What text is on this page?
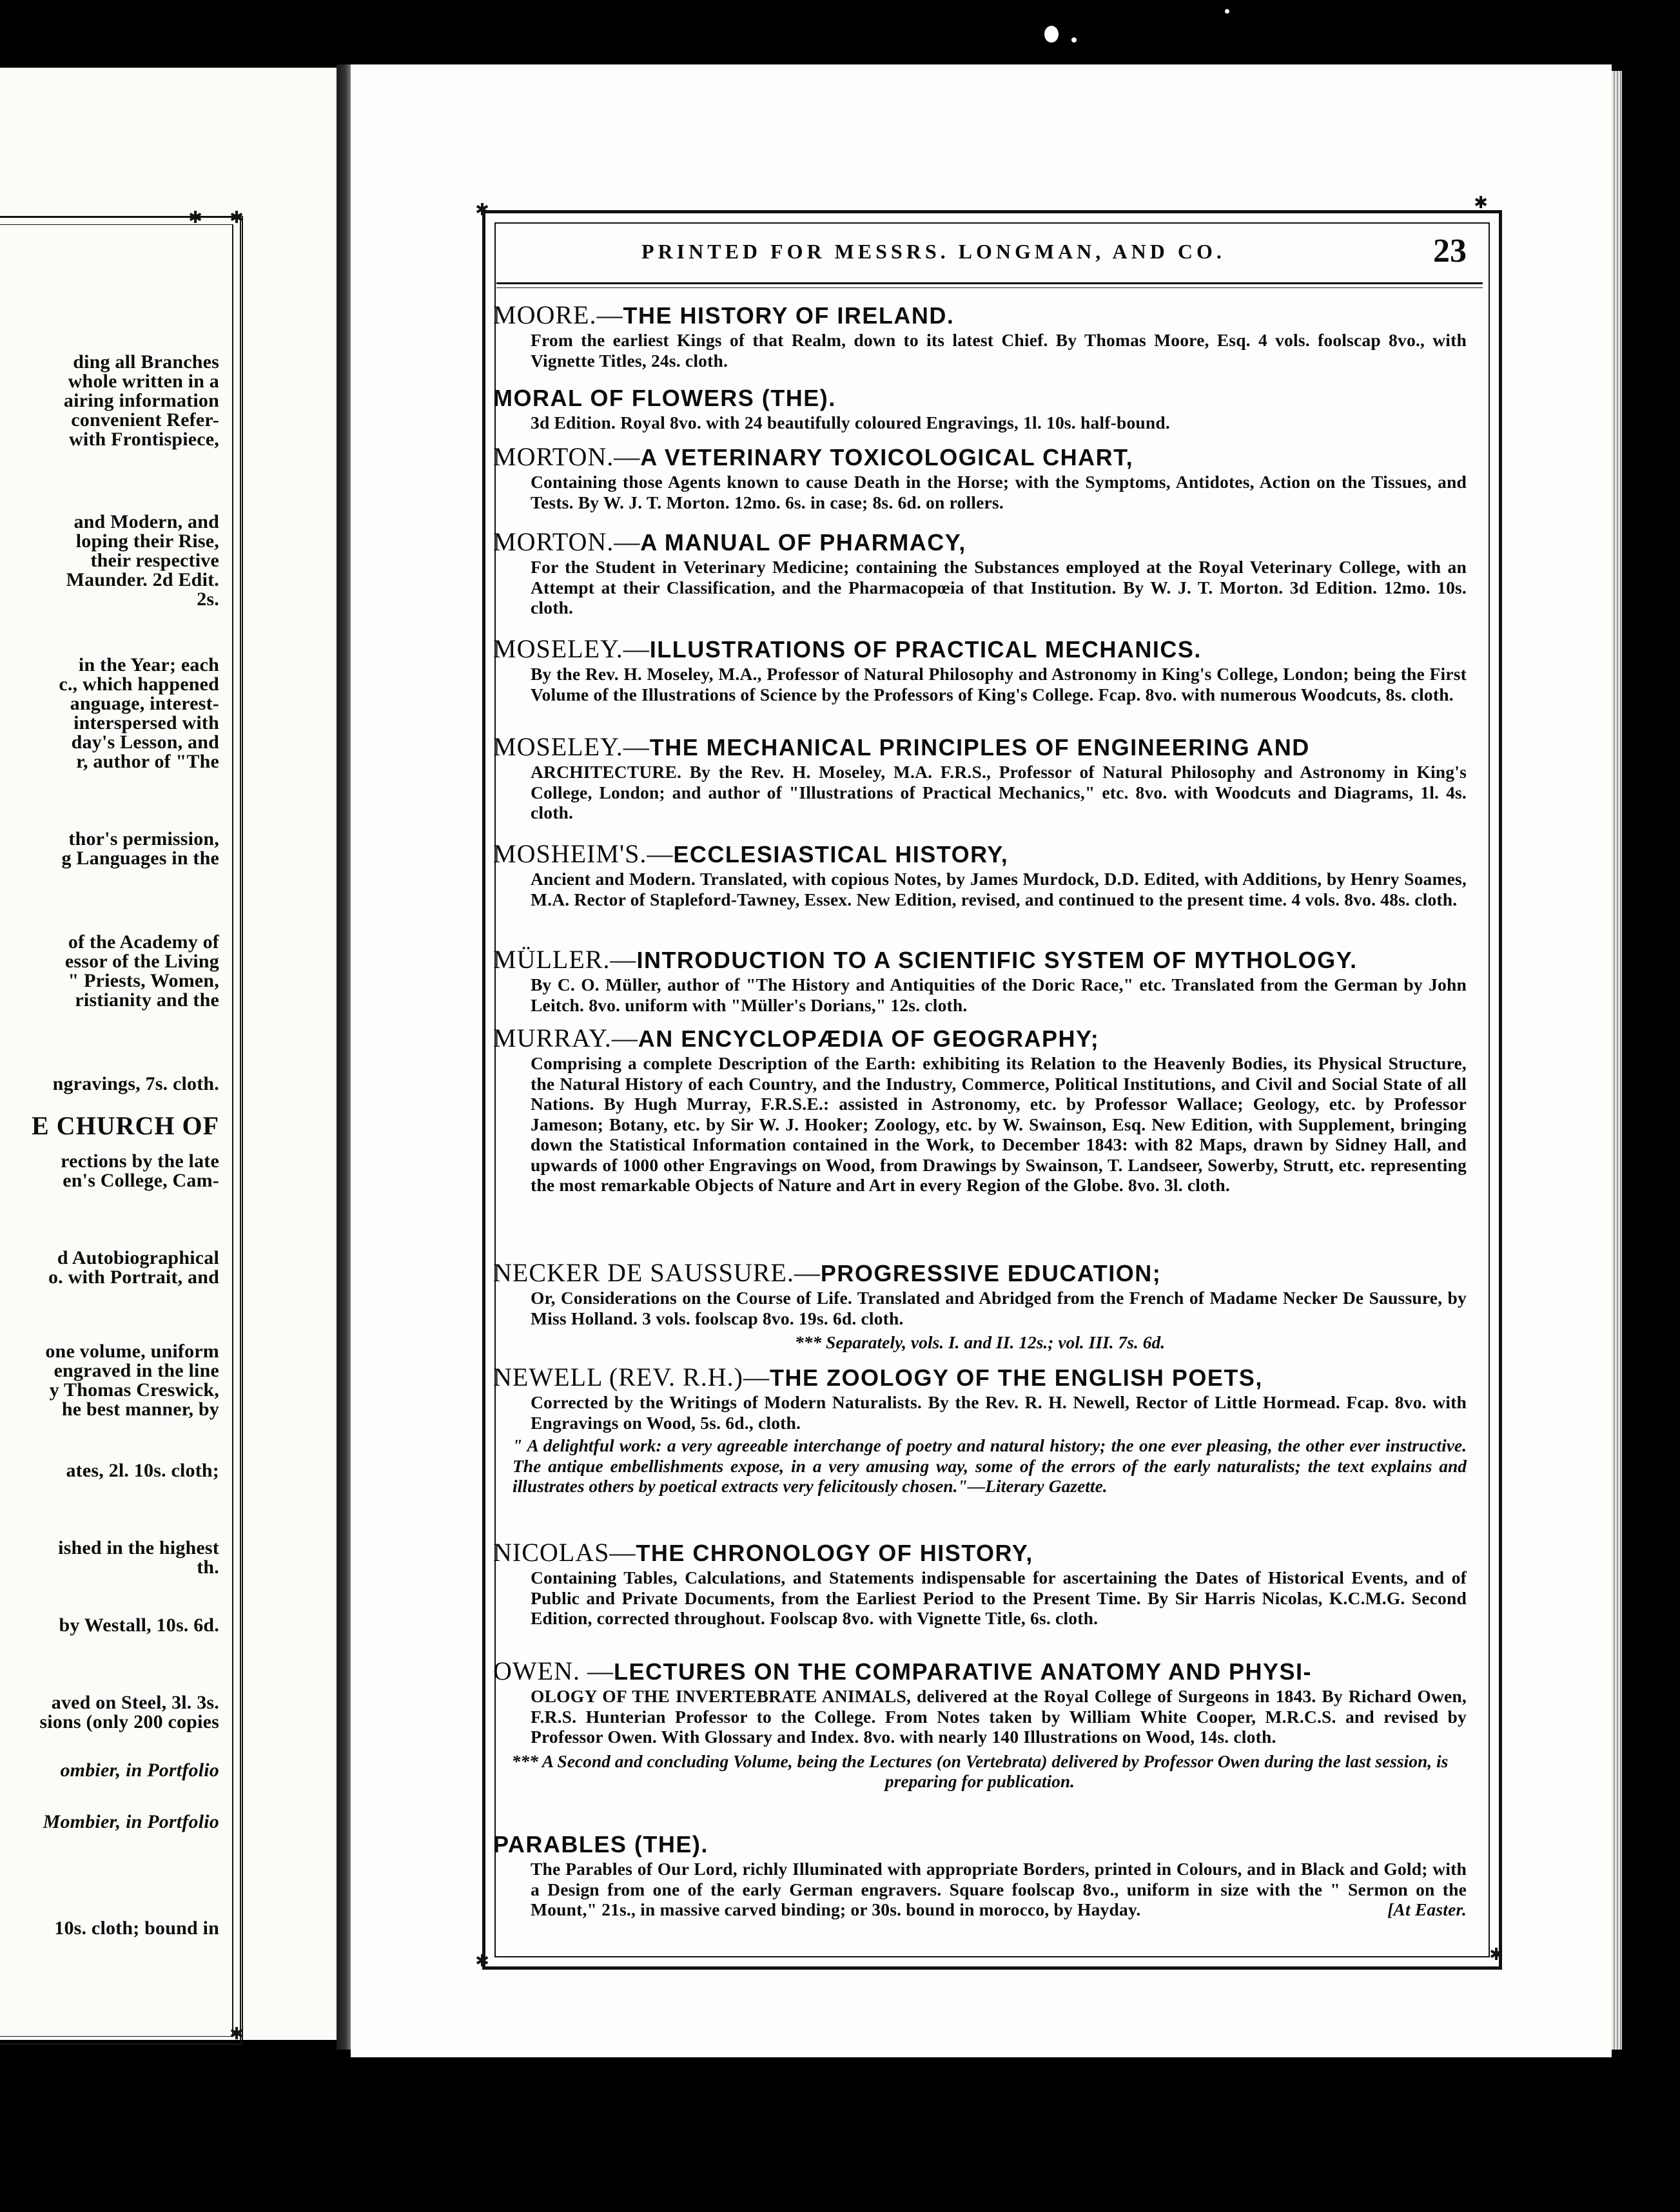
✱ ✱
✱
ding all Branches
whole written in a
airing information
convenient Refer-
with Frontispiece,
and Modern, and
loping their Rise,
their respective
Maunder. 2d Edit.
2s.
in the Year; each
c., which happened
anguage, interest-
interspersed with
day's Lesson, and
r, author of "The
thor's permission,
g Languages in the
of the Academy of
essor of the Living
" Priests, Women,
ristianity and the
ngravings, 7s. cloth.
E CHURCH OF
rections by the late
en's College, Cam-
d Autobiographical
o. with Portrait, and
one volume, uniform
engraved in the line
y Thomas Creswick,
he best manner, by
ates, 2l. 10s. cloth;
ished in the highest
th.
by Westall, 10s. 6d.
aved on Steel, 3l. 3s.
sions (only 200 copies
ombier, in Portfolio
Mombier, in Portfolio
10s. cloth; bound in
✱	✱
✱	✱
PRINTED FOR MESSRS. LONGMAN, AND CO.	23
MOORE.—THE HISTORY OF IRELAND.
From the earliest Kings of that Realm, down to its latest Chief. By Thomas Moore, Esq. 4 vols. foolscap 8vo., with Vignette Titles, 24s. cloth.
MORAL OF FLOWERS (THE).
3d Edition. Royal 8vo. with 24 beautifully coloured Engravings, 1l. 10s. half-bound.
MORTON.—A VETERINARY TOXICOLOGICAL CHART,
Containing those Agents known to cause Death in the Horse; with the Symptoms, Antidotes, Action on the Tissues, and Tests. By W. J. T. Morton. 12mo. 6s. in case; 8s. 6d. on rollers.
MORTON.—A MANUAL OF PHARMACY,
For the Student in Veterinary Medicine; containing the Substances employed at the Royal Veterinary College, with an Attempt at their Classification, and the Pharmacopœia of that Institution. By W. J. T. Morton. 3d Edition. 12mo. 10s. cloth.
MOSELEY.—ILLUSTRATIONS OF PRACTICAL MECHANICS.
By the Rev. H. Moseley, M.A., Professor of Natural Philosophy and Astronomy in King's College, London; being the First Volume of the Illustrations of Science by the Professors of King's College. Fcap. 8vo. with numerous Woodcuts, 8s. cloth.
MOSELEY.—THE MECHANICAL PRINCIPLES OF ENGINEERING AND
ARCHITECTURE. By the Rev. H. Moseley, M.A. F.R.S., Professor of Natural Philosophy and Astronomy in King's College, London; and author of "Illustrations of Practical Mechanics," etc. 8vo. with Woodcuts and Diagrams, 1l. 4s. cloth.
MOSHEIM'S.—ECCLESIASTICAL HISTORY,
Ancient and Modern. Translated, with copious Notes, by James Murdock, D.D. Edited, with Additions, by Henry Soames, M.A. Rector of Stapleford-Tawney, Essex. New Edition, revised, and continued to the present time. 4 vols. 8vo. 48s. cloth.
MÜLLER.—INTRODUCTION TO A SCIENTIFIC SYSTEM OF MYTHOLOGY.
By C. O. Müller, author of "The History and Antiquities of the Doric Race," etc. Translated from the German by John Leitch. 8vo. uniform with "Müller's Dorians," 12s. cloth.
MURRAY.—AN ENCYCLOPÆDIA OF GEOGRAPHY;
Comprising a complete Description of the Earth: exhibiting its Relation to the Heavenly Bodies, its Physical Structure, the Natural History of each Country, and the Industry, Commerce, Political Institutions, and Civil and Social State of all Nations. By Hugh Murray, F.R.S.E.: assisted in Astronomy, etc. by Professor Wallace; Geology, etc. by Professor Jameson; Botany, etc. by Sir W. J. Hooker; Zoology, etc. by W. Swainson, Esq. New Edition, with Supplement, bringing down the Statistical Information contained in the Work, to December 1843: with 82 Maps, drawn by Sidney Hall, and upwards of 1000 other Engravings on Wood, from Drawings by Swainson, T. Landseer, Sowerby, Strutt, etc. representing the most remarkable Objects of Nature and Art in every Region of the Globe. 8vo. 3l. cloth.
NECKER DE SAUSSURE.—PROGRESSIVE EDUCATION;
Or, Considerations on the Course of Life. Translated and Abridged from the French of Madame Necker De Saussure, by Miss Holland. 3 vols. foolscap 8vo. 19s. 6d. cloth.
*** Separately, vols. I. and II. 12s.; vol. III. 7s. 6d.
NEWELL (REV. R.H.)—THE ZOOLOGY OF THE ENGLISH POETS,
Corrected by the Writings of Modern Naturalists. By the Rev. R. H. Newell, Rector of Little Hormead. Fcap. 8vo. with Engravings on Wood, 5s. 6d., cloth.
" A delightful work: a very agreeable interchange of poetry and natural history; the one ever pleasing, the other ever instructive. The antique embellishments expose, in a very amusing way, some of the errors of the early naturalists; the text explains and illustrates others by poetical extracts very felicitously chosen."—Literary Gazette.
NICOLAS—THE CHRONOLOGY OF HISTORY,
Containing Tables, Calculations, and Statements indispensable for ascertaining the Dates of Historical Events, and of Public and Private Documents, from the Earliest Period to the Present Time. By Sir Harris Nicolas, K.C.M.G. Second Edition, corrected throughout. Foolscap 8vo. with Vignette Title, 6s. cloth.
OWEN. —LECTURES ON THE COMPARATIVE ANATOMY AND PHYSI-
OLOGY OF THE INVERTEBRATE ANIMALS, delivered at the Royal College of Surgeons in 1843. By Richard Owen, F.R.S. Hunterian Professor to the College. From Notes taken by William White Cooper, M.R.C.S. and revised by Professor Owen. With Glossary and Index. 8vo. with nearly 140 Illustrations on Wood, 14s. cloth.
*** A Second and concluding Volume, being the Lectures (on Vertebrata) delivered by Professor Owen during the last session, is preparing for publication.
PARABLES (THE).
The Parables of Our Lord, richly Illuminated with appropriate Borders, printed in Colours, and in Black and Gold; with a Design from one of the early German engravers. Square foolscap 8vo., uniform in size with the " Sermon on the Mount," 21s., in massive carved binding; or 30s. bound in morocco, by Hayday.	[At Easter.
